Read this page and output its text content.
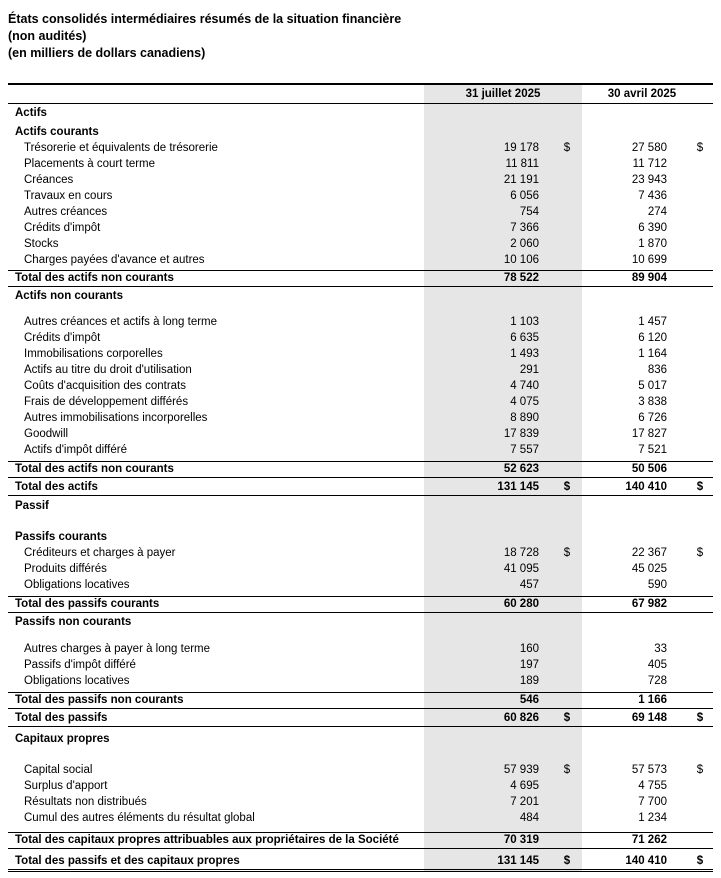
États consolidés intermédiaires résumés de la situation financière
(non audités)
(en milliers de dollars canadiens)
31 juillet 2025	30 avril 2025
Actifs
Actifs courants
Trésorerie et équivalents de trésorerie	19 178	$	27 580	$
Placements à court terme	11 811	11 712
Créances	21 191	23 943
Travaux en cours	6 056	7 436
Autres créances	754	274
Crédits d'impôt	7 366	6 390
Stocks	2 060	1 870
Charges payées d'avance et autres	10 106	10 699
Total des actifs non courants	78 522	89 904
Actifs non courants
Autres créances et actifs à long terme	1 103	1 457
Crédits d'impôt	6 635	6 120
Immobilisations corporelles	1 493	1 164
Actifs au titre du droit d'utilisation	291	836
Coûts d'acquisition des contrats	4 740	5 017
Frais de développement différés	4 075	3 838
Autres immobilisations incorporelles	8 890	6 726
Goodwill	17 839	17 827
Actifs d'impôt différé	7 557	7 521
Total des actifs non courants	52 623	50 506
Total des actifs	131 145	$	140 410	$
Passif
Passifs courants
Créditeurs et charges à payer	18 728	$	22 367	$
Produits différés	41 095	45 025
Obligations locatives	457	590
Total des passifs courants	60 280	67 982
Passifs non courants
Autres charges à payer à long terme	160	33
Passifs d'impôt différé	197	405
Obligations locatives	189	728
Total des passifs non courants	546	1 166
Total des passifs	60 826	$	69 148	$
Capitaux propres
Capital social	57 939	$	57 573	$
Surplus d'apport	4 695	4 755
Résultats non distribués	7 201	7 700
Cumul des autres éléments du résultat global	484	1 234
Total des capitaux propres attribuables aux propriétaires de la Société	70 319	71 262
Total des passifs et des capitaux propres	131 145	$	140 410	$
